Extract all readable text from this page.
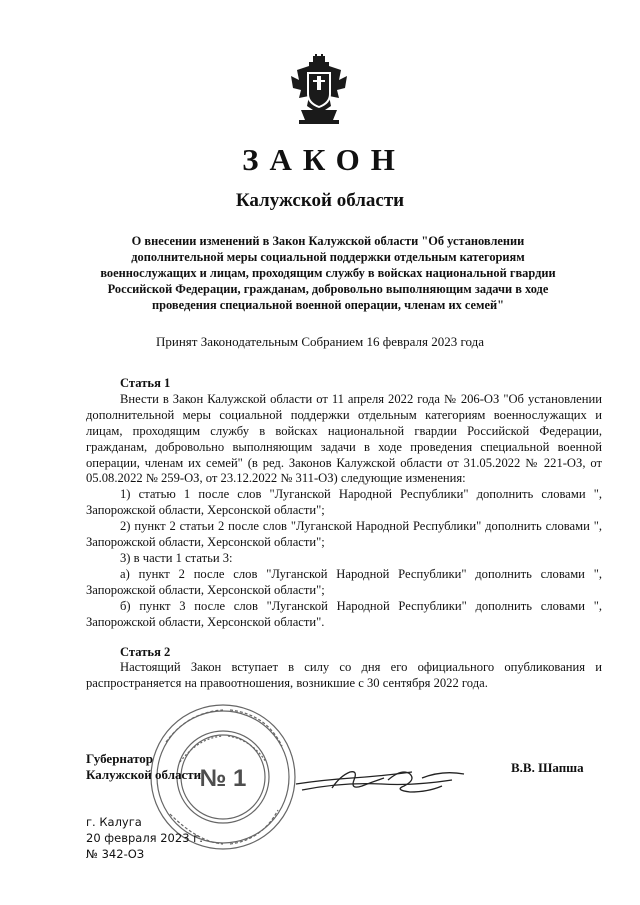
ЗАКОН
Калужской области
О внесении изменений в Закон Калужской области "Об установлении
дополнительной меры социальной поддержки отдельным категориям
военнослужащих и лицам, проходящим службу в войсках национальной гвардии
Российской Федерации, гражданам, добровольно выполняющим задачи в ходе
проведения специальной военной операции, членам их семей"
Принят Законодательным Собранием 16 февраля 2023 года

Статья 1

Внести в Закон Калужской области от 11 апреля 2022 года № 206-ОЗ "Об установлении дополнительной меры социальной поддержки отдельным категориям военнослужащих и лицам, проходящим службу в войсках национальной гвардии Российской Федерации, гражданам, добровольно выполняющим задачи в ходе проведения специальной военной операции, членам их семей" (в ред. Законов Калужской области от 31.05.2022 № 221-ОЗ, от 05.08.2022 № 259-ОЗ, от 23.12.2022 № 311-ОЗ) следующие изменения:

1) статью 1 после слов "Луганской Народной Республики" дополнить словами ", Запорожской области, Херсонской области";

2) пункт 2 статьи 2 после слов "Луганской Народной Республики" дополнить словами ", Запорожской области, Херсонской области";

3) в части 1 статьи 3:

а) пункт 2 после слов "Луганской Народной Республики" дополнить словами ", Запорожской области, Херсонской области";

б) пункт 3 после слов "Луганской Народной Республики" дополнить словами ", Запорожской области, Херсонской области".

Статья 2

Настоящий Закон вступает в силу со дня его официального опубликования и распространяется на правоотношения, возникшие с 30 сентября 2022 года.

№ 1
Губернатор
Калужской области	В.В. Шапша
г. Калуга
20 февраля 2023 г.
№ 342-ОЗ
